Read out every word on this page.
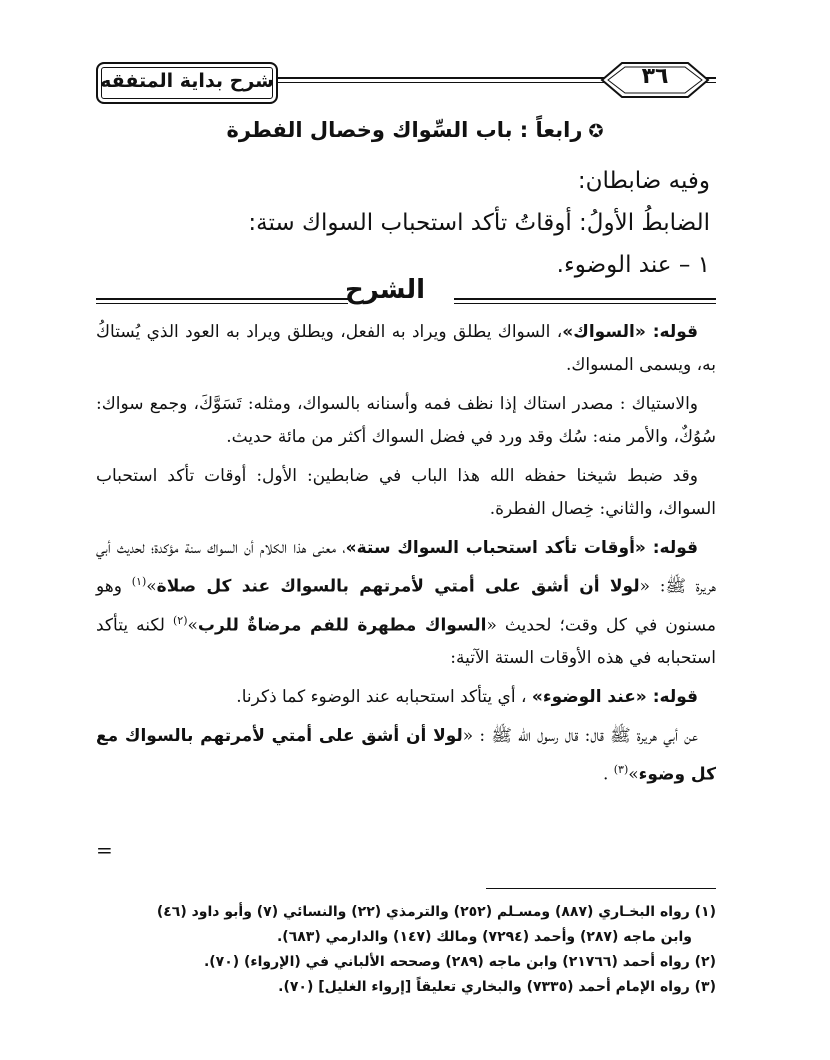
شرح بداية المتفقه	٣٦
✪رابعاً : باب السِّواك وخصال الفطرة

وفيه ضابطان:

الضابطُ الأولُ: أوقاتُ تأكد استحباب السواك ستة:

١ – عند الوضوء.

الشرح

قوله: «السواك»، السواك يطلق ويراد به الفعل، ويطلق ويراد به العود الذي يُستاكُ به، ويسمى المسواك.

والاستياك : مصدر استاك إذا نظف فمه وأسنانه بالسواك، ومثله: تَسَوَّكَ، وجمع سواك: سُوُكٌ، والأمر منه: سُك وقد ورد في فضل السواك أكثر من مائة حديث.

وقد ضبط شيخنا حفظه الله هذا الباب في ضابطين: الأول: أوقات تأكد استحباب السواك، والثاني: خِصال الفطرة.

قوله: «أوقات تأكد استحباب السواك ستة»، معنى هذا الكلام أن السواك سنة مؤكدة؛ لحديث أبي هريرة ﷺ: «لولا أن أشق على أمتي لأمرتهم بالسواك عند كل صلاة»$^{(١)}$ وهو مسنون في كل وقت؛ لحديث «السواك مطهرة للفم مرضاةٌ للرب»$^{(٢)}$ لكنه يتأكد استحبابه في هذه الأوقات الستة الآتية:

قوله: «عند الوضوء» ، أي يتأكد استحبابه عند الوضوء كما ذكرنا.

عن أبي هريرة ﷺ قال: قال رسول الله ﷺ : «لولا أن أشق على أمتي لأمرتهم بالسواك مع كل وضوء»$^{(٣)}$ .

=

(١) رواه البخـاري (٨٨٧) ومسـلم (٢٥٢) والترمذي (٢٢) والنسائي (٧) وأبو داود (٤٦)

وابن ماجه (٢٨٧) وأحمد (٧٢٩٤) ومالك (١٤٧) والدارمي (٦٨٣).

(٢) رواه أحمد (٢١٧٦٦) وابن ماجه (٢٨٩) وصححه الألباني في (الإرواء) (٧٠).

(٣) رواه الإمام أحمد (٧٣٣٥) والبخاري تعليقاً [إرواء الغليل] (٧٠).
